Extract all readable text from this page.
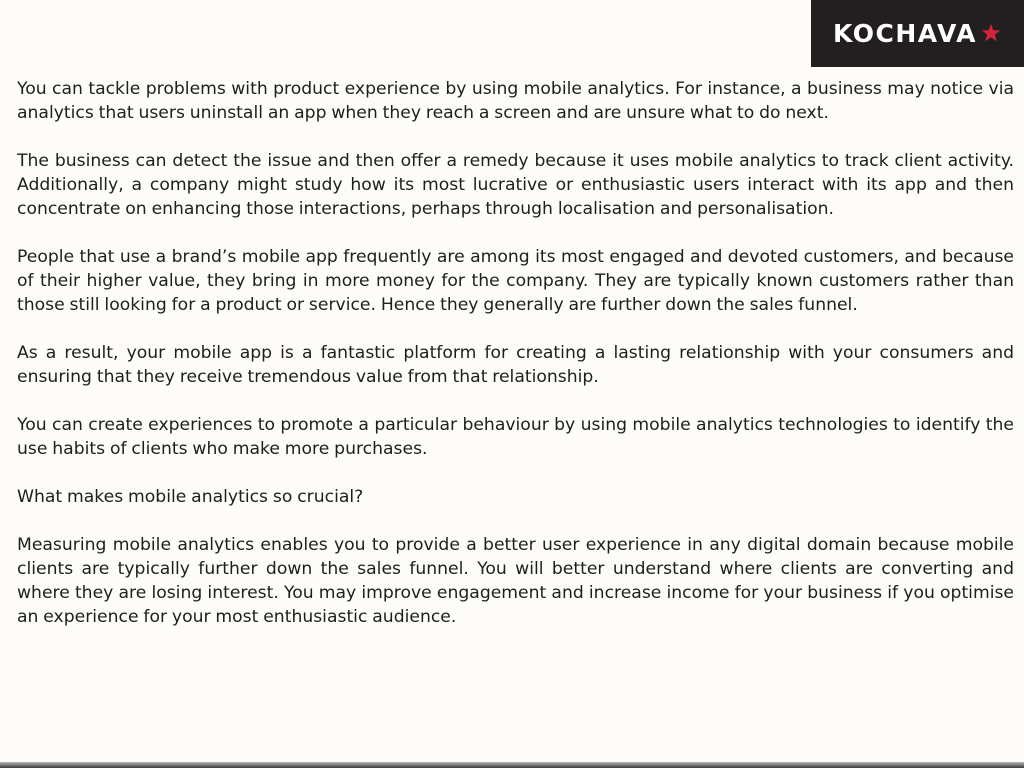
KOCHAVA

You can tackle problems with product experience by using mobile analytics. For instance, a business may notice via analytics that users uninstall an app when they reach a screen and are unsure what to do next.

The business can detect the issue and then offer a remedy because it uses mobile analytics to track client activity. Additionally, a company might study how its most lucrative or enthusiastic users interact with its app and then concentrate on enhancing those interactions, perhaps through localisation and personalisation.

People that use a brand’s mobile app frequently are among its most engaged and devoted customers, and because of their higher value, they bring in more money for the company. They are typically known customers rather than those still looking for a product or service. Hence they generally are further down the sales funnel.

As a result, your mobile app is a fantastic platform for creating a lasting relationship with your consumers and ensuring that they receive tremendous value from that relationship.

You can create experiences to promote a particular behaviour by using mobile analytics technologies to identify the use habits of clients who make more purchases.

What makes mobile analytics so crucial?

Measuring mobile analytics enables you to provide a better user experience in any digital domain because mobile clients are typically further down the sales funnel. You will better understand where clients are converting and where they are losing interest. You may improve engagement and increase income for your business if you optimise an experience for your most enthusiastic audience.
